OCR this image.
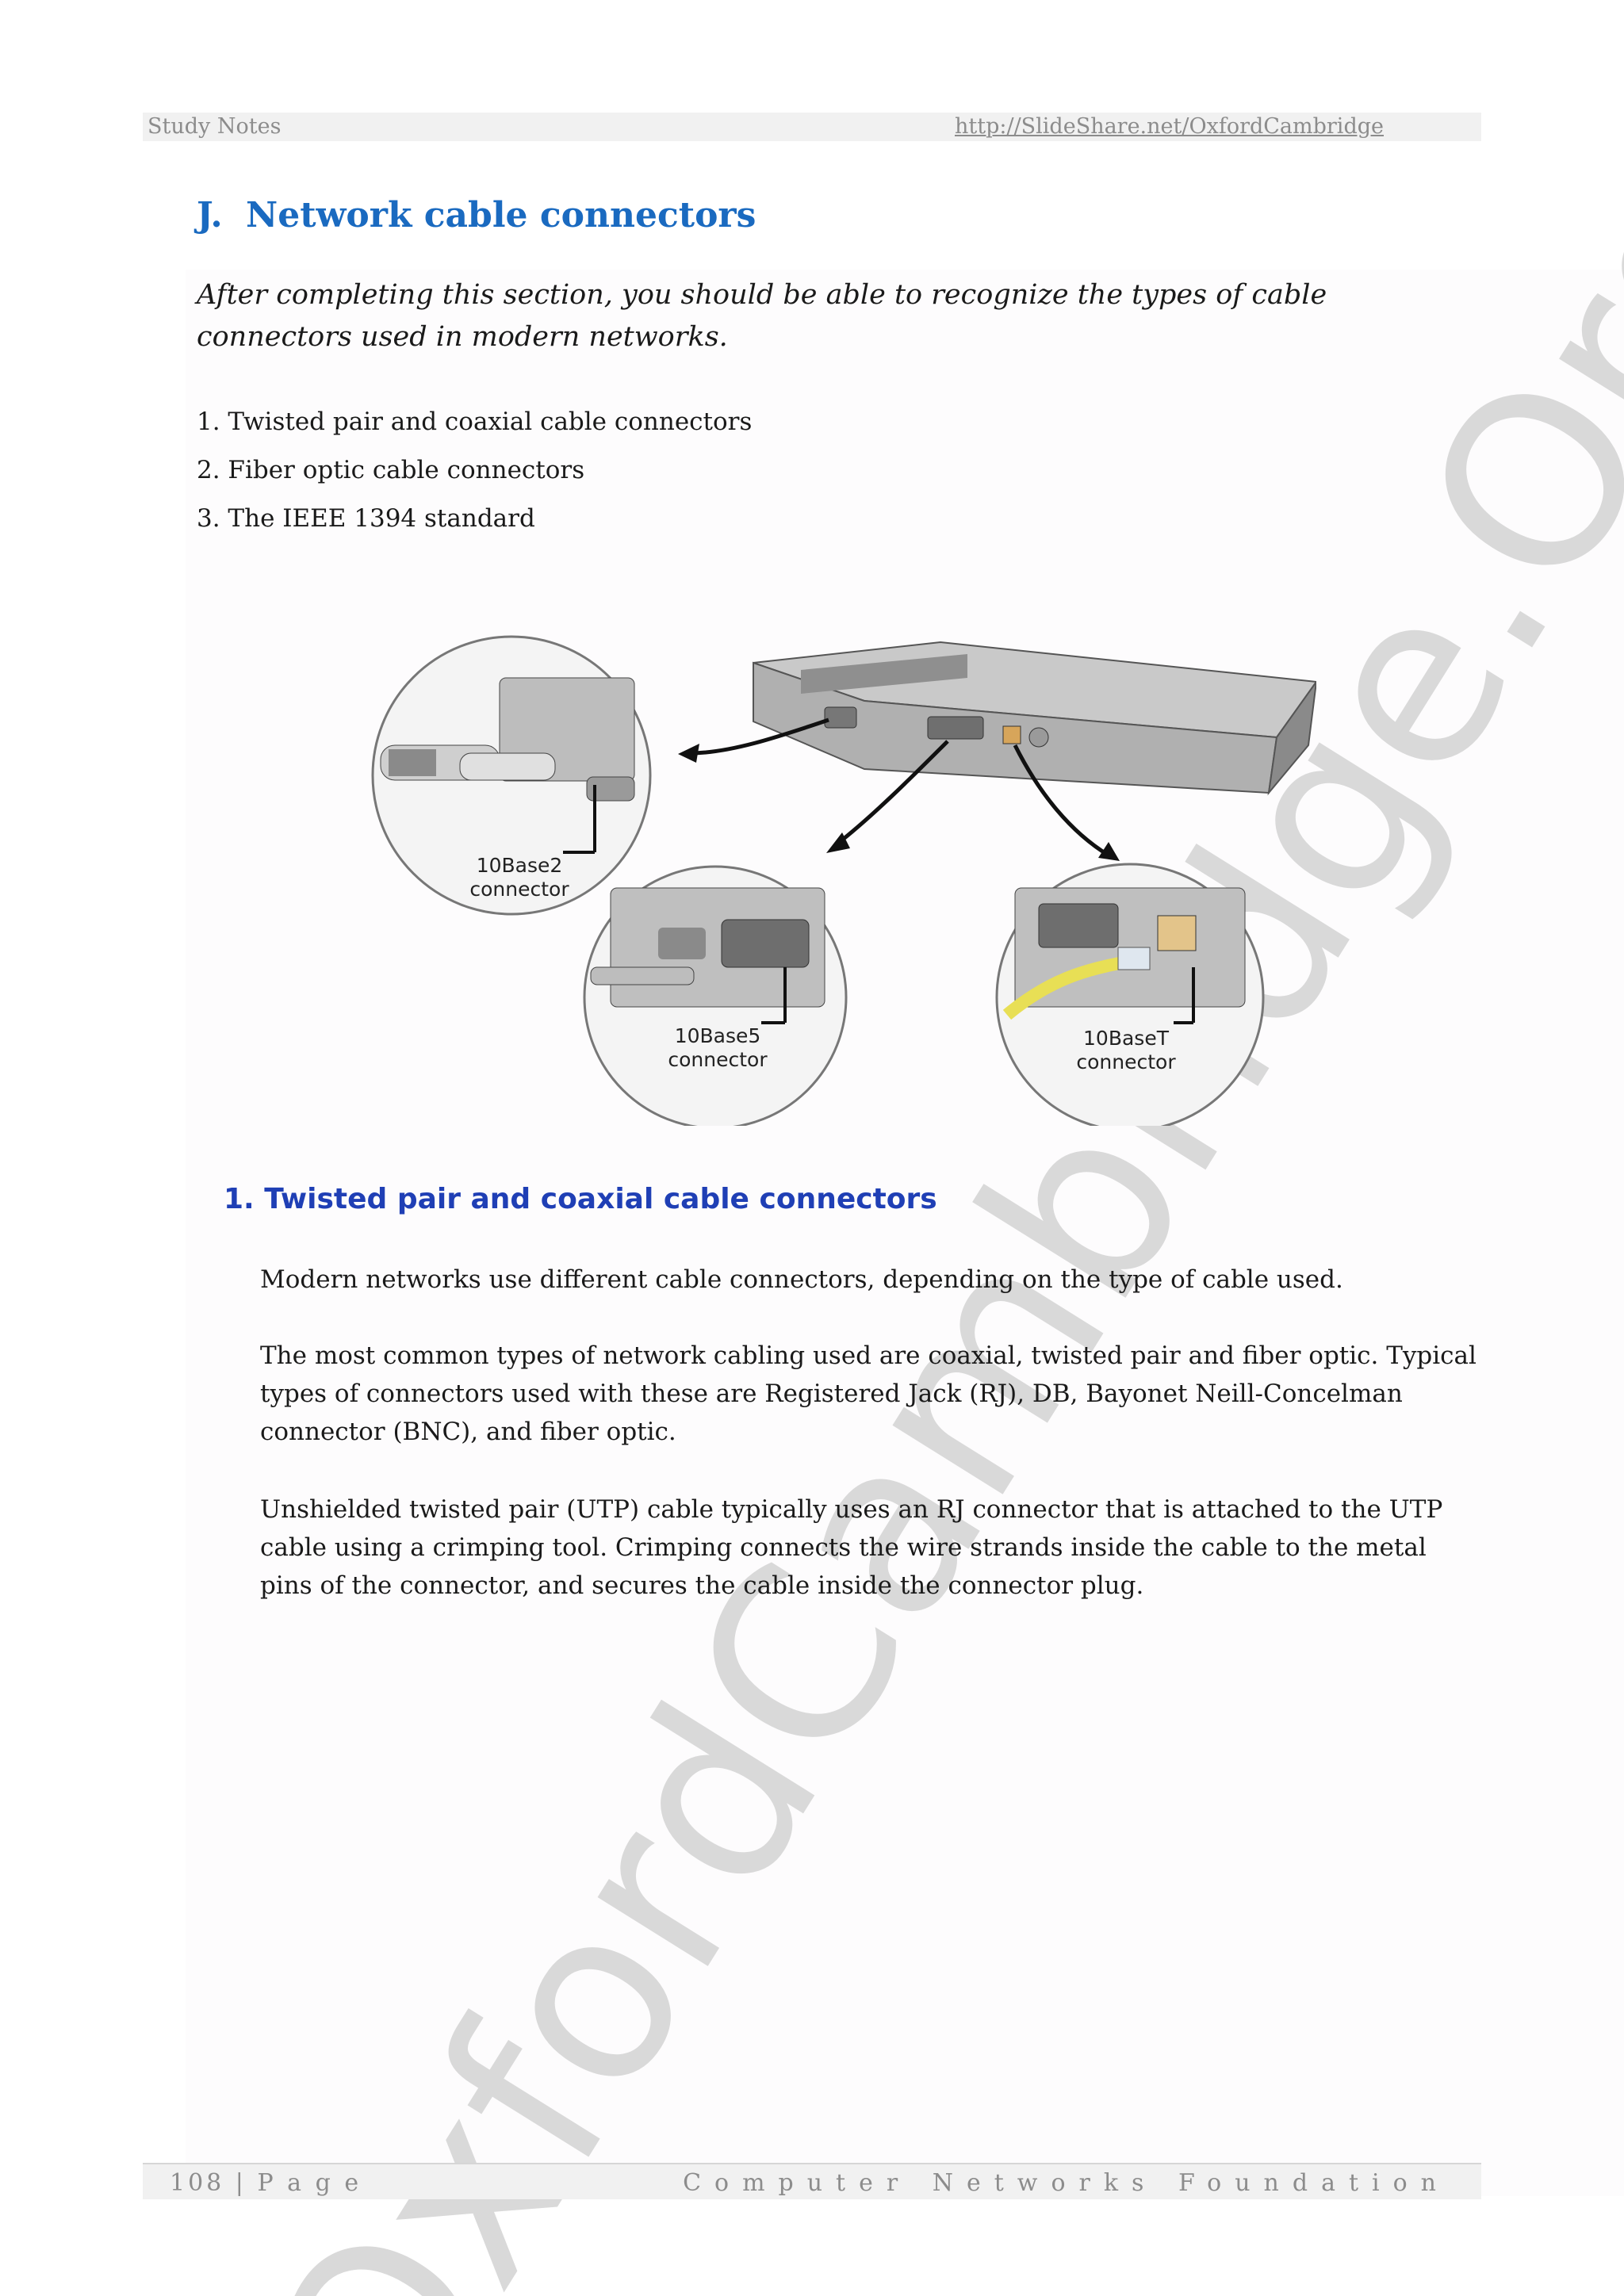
Study Notes	http://SlideShare.net/OxfordCambridge
J. Network cable connectors

After completing this section, you should be able to recognize the types of cable connectors used in modern networks.

1. Twisted pair and coaxial cable connectors
2. Fiber optic cable connectors
3. The IEEE 1394 standard
10Base2
connector
10Base5
connector
10BaseT
connector
1. Twisted pair and coaxial cable connectors

Modern networks use different cable connectors, depending on the type of cable used.

The most common types of network cabling used are coaxial, twisted pair and fiber optic. Typical types of connectors used with these are Registered Jack (RJ), DB, Bayonet Neill-Concelman connector (BNC), and fiber optic.

Unshielded twisted pair (UTP) cable typically uses an RJ connector that is attached to the UTP cable using a crimping tool. Crimping connects the wire strands inside the cable to the metal pins of the connector, and secures the cable inside the connector plug.

108 | P a g e	Computer Networks Foundation
